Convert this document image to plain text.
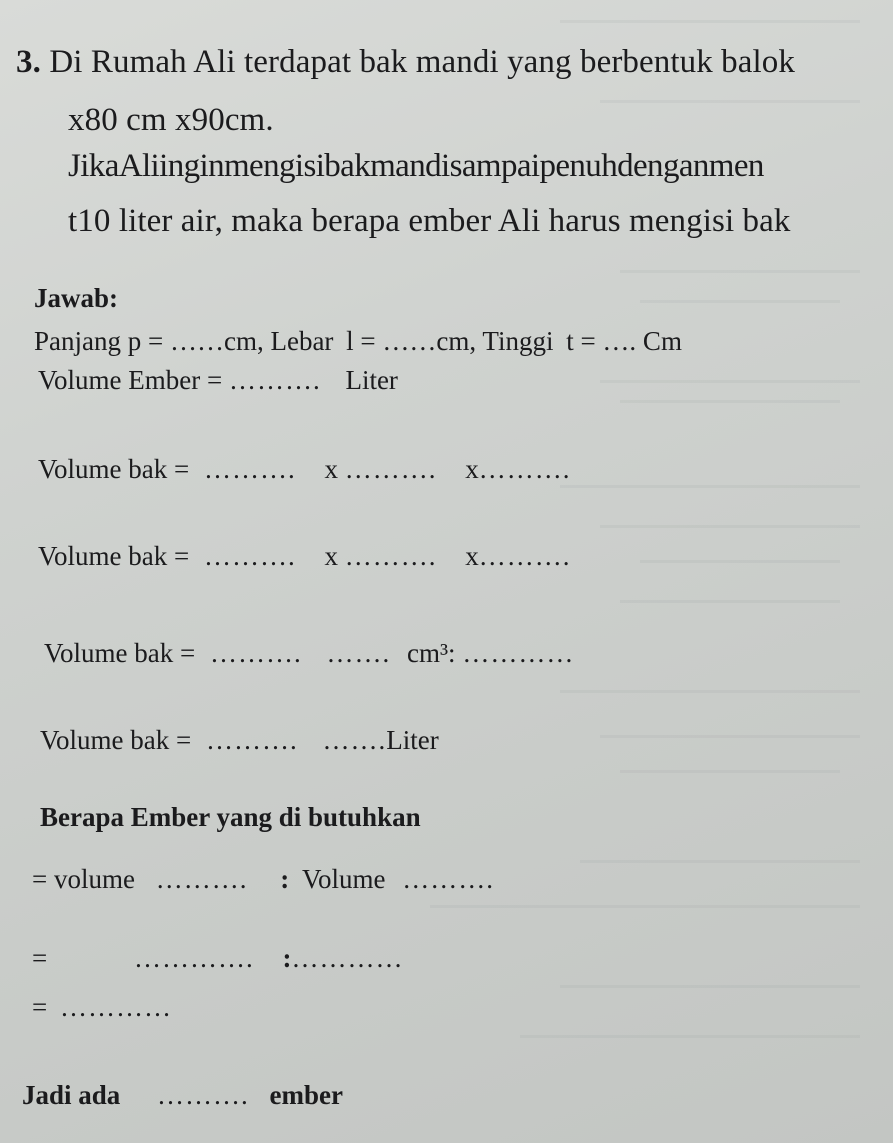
3. Di Rumah Ali terdapat bak mandi yang berbentuk balok
x80 cm x90cm.
JikaAliinginmengisibakmandisampaipenuhdenganmen
t10 liter air, maka berapa ember Ali harus mengisi bak
Jawab:
Panjang p = ……cm, Lebar l = ……cm, Tinggi t = …. Cm
Volume Ember = ………. Liter
Volume bak = ………. x ………. x……….
Volume bak = ………. x ………. x……….
Volume bak = ………. ……. cm³: …………
Volume bak = ………. …….Liter
Berapa Ember yang di butuhkan
= volume ………. : Volume ……….
=	…………. :…………
= …………
Jadi ada ………. ember
